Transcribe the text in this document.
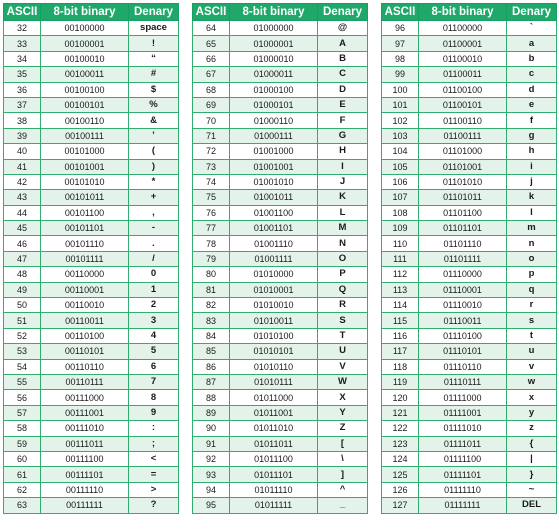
ASCII	8-bit binary	Denary
32	00100000	space
33	00100001	!
34	00100010	“
35	00100011	#
36	00100100	$
37	00100101	%
38	00100110	&
39	00100111	’
40	00101000	(
41	00101001	)
42	00101010	*
43	00101011	+
44	00101100	,
45	00101101	-
46	00101110	.
47	00101111	/
48	00110000	0
49	00110001	1
50	00110010	2
51	00110011	3
52	00110100	4
53	00110101	5
54	00110110	6
55	00110111	7
56	00111000	8
57	00111001	9
58	00111010	:
59	00111011	;
60	00111100	<
61	00111101	=
62	00111110	>
63	00111111	?
ASCII	8-bit binary	Denary
64	01000000	@
65	01000001	A
66	01000010	B
67	01000011	C
68	01000100	D
69	01000101	E
70	01000110	F
71	01000111	G
72	01001000	H
73	01001001	I
74	01001010	J
75	01001011	K
76	01001100	L
77	01001101	M
78	01001110	N
79	01001111	O
80	01010000	P
81	01010001	Q
82	01010010	R
83	01010011	S
84	01010100	T
85	01010101	U
86	01010110	V
87	01010111	W
88	01011000	X
89	01011001	Y
90	01011010	Z
91	01011011	[
92	01011100	\
93	01011101	]
94	01011110	^
95	01011111	_
ASCII	8-bit binary	Denary
96	01100000	`
97	01100001	a
98	01100010	b
99	01100011	c
100	01100100	d
101	01100101	e
102	01100110	f
103	01100111	g
104	01101000	h
105	01101001	i
106	01101010	j
107	01101011	k
108	01101100	l
109	01101101	m
110	01101110	n
111	01101111	o
112	01110000	p
113	01110001	q
114	01110010	r
115	01110011	s
116	01110100	t
117	01110101	u
118	01110110	v
119	01110111	w
120	01111000	x
121	01111001	y
122	01111010	z
123	01111011	{
124	01111100	|
125	01111101	}
126	01111110	~
127	01111111	DEL
